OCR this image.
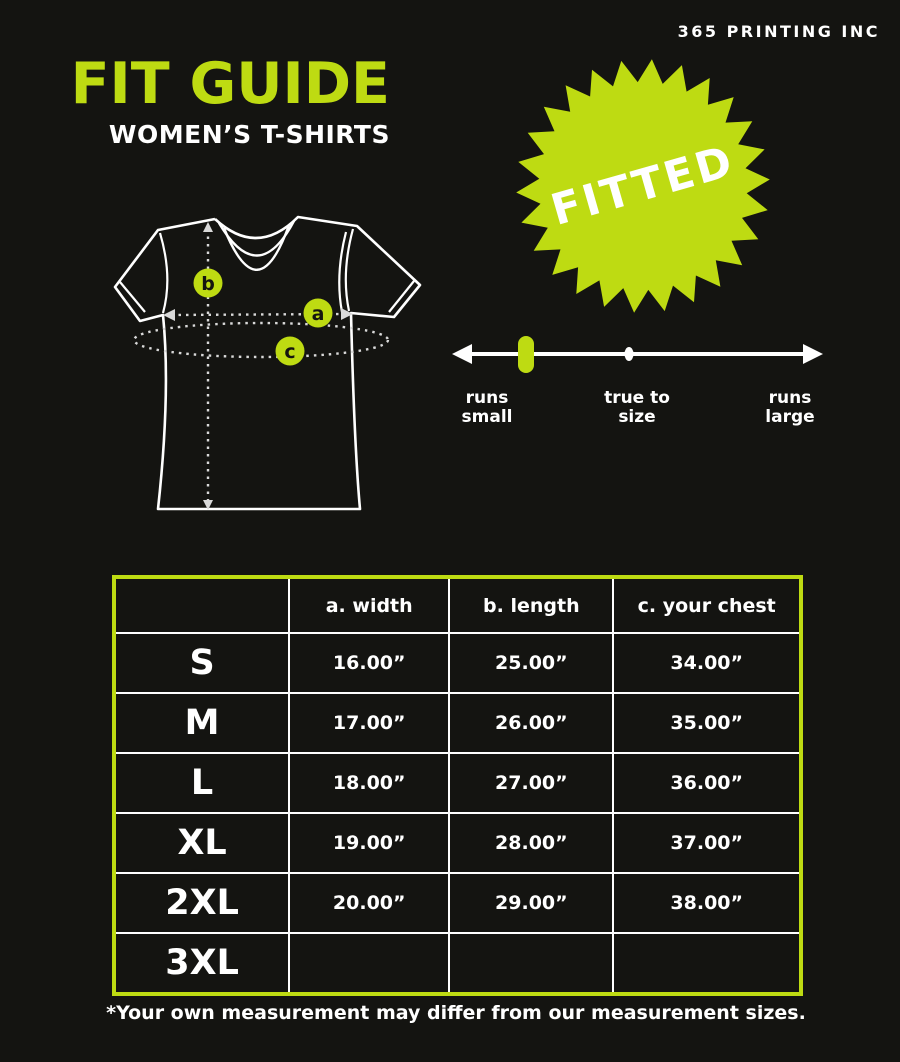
365 PRINTING INC
FIT GUIDE
WOMEN’S T-SHIRTS
FITTED
b
a
c
runs
small
true to
size
runs
large
	a. width	b. length	c. your chest
S	16.00”	25.00”	34.00”
M	17.00”	26.00”	35.00”
L	18.00”	27.00”	36.00”
XL	19.00”	28.00”	37.00”
2XL	20.00”	29.00”	38.00”
3XL			
*Your own measurement may differ from our measurement sizes.
